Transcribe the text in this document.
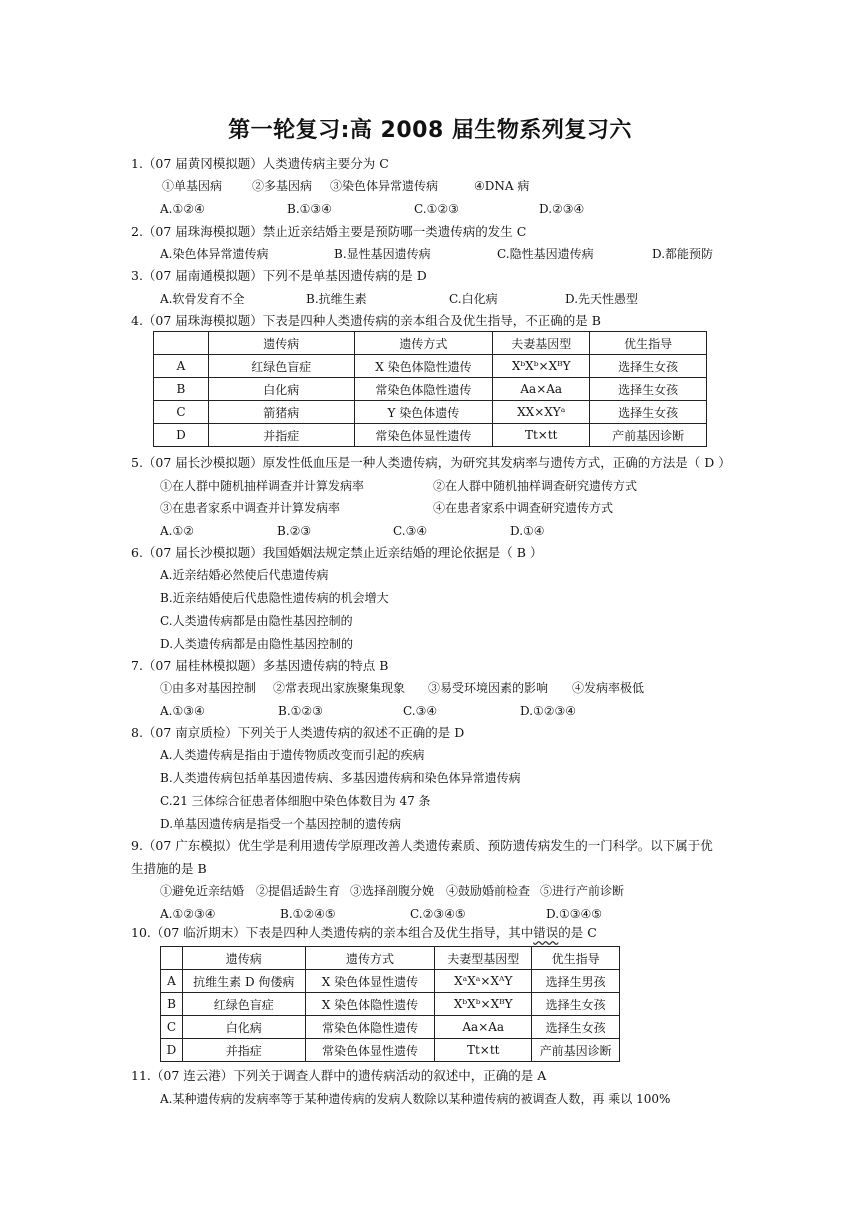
第一轮复习:高 2008 届生物系列复习六
1.（07 届黄冈模拟题）人类遗传病主要分为 C
①单基因病 ②多基因病 ③染色体异常遗传病	④DNA 病
A.①②④	B.①③④	C.①②③	D.②③④
2.（07 届珠海模拟题）禁止近亲结婚主要是预防哪一类遗传病的发生 C
A.染色体异常遗传病	B.显性基因遗传病	C.隐性基因遗传病	D.都能预防
3.（07 届南通模拟题）下列不是单基因遗传病的是 D
A.软骨发育不全	B.抗维生素	C.白化病	D.先天性愚型
4.（07 届珠海模拟题）下表是四种人类遗传病的亲本组合及优生指导，不正确的是 B
	遗传病	遗传方式	夫妻基因型	优生指导
A	红绿色盲症	X 染色体隐性遗传	XᵇXᵇ×XᴮY	选择生女孩
B	白化病	常染色体隐性遗传	Aa×Aa	选择生女孩
C	箭猪病	Y 染色体遗传	XX×XYᵃ	选择生女孩
D	并指症	常染色体显性遗传	Tt×tt	产前基因诊断
5.（07 届长沙模拟题）原发性低血压是一种人类遗传病，为研究其发病率与遗传方式，正确的方法是（ D ）
①在人群中随机抽样调查并计算发病率	②在人群中随机抽样调查研究遗传方式
③在患者家系中调查并计算发病率	④在患者家系中调查研究遗传方式
A.①②	B.②③	C.③④	D.①④
6.（07 届长沙模拟题）我国婚姻法规定禁止近亲结婚的理论依据是（ B ）
A.近亲结婚必然使后代患遗传病
B.近亲结婚使后代患隐性遗传病的机会增大
C.人类遗传病都是由隐性基因控制的
D.人类遗传病都是由隐性基因控制的
7.（07 届桂林模拟题）多基因遗传病的特点 B
①由多对基因控制 ②常表现出家族聚集现象 ③易受环境因素的影响 ④发病率极低
A.①③④	B.①②③	C.③④	D.①②③④
8.（07 南京质检）下列关于人类遗传病的叙述不正确的是 D
A.人类遗传病是指由于遗传物质改变而引起的疾病
B.人类遗传病包括单基因遗传病、多基因遗传病和染色体异常遗传病
C.21 三体综合征患者体细胞中染色体数目为 47 条
D.单基因遗传病是指受一个基因控制的遗传病
9.（07 广东模拟）优生学是利用遗传学原理改善人类遗传素质、预防遗传病发生的一门科学。以下属于优
生措施的是 B
①避免近亲结婚 ②提倡适龄生育 ③选择剖腹分娩 ④鼓励婚前检查 ⑤进行产前诊断
A.①②③④	B.①②④⑤	C.②③④⑤	D.①③④⑤
10.（07 临沂期末）下表是四种人类遗传病的亲本组合及优生指导，其中错误的是 C
	遗传病	遗传方式	夫妻型基因型	优生指导
A	抗维生素 D 佝偻病	X 染色体显性遗传	XᵃXᵃ×XᴬY	选择生男孩
B	红绿色盲症	X 染色体隐性遗传	XᵇXᵇ×XᴮY	选择生女孩
C	白化病	常染色体隐性遗传	Aa×Aa	选择生女孩
D	并指症	常染色体显性遗传	Tt×tt	产前基因诊断
11.（07 连云港）下列关于调查人群中的遗传病活动的叙述中，正确的是 A
A.某种遗传病的发病率等于某种遗传病的发病人数除以某种遗传病的被调查人数，再 乘以 100%
